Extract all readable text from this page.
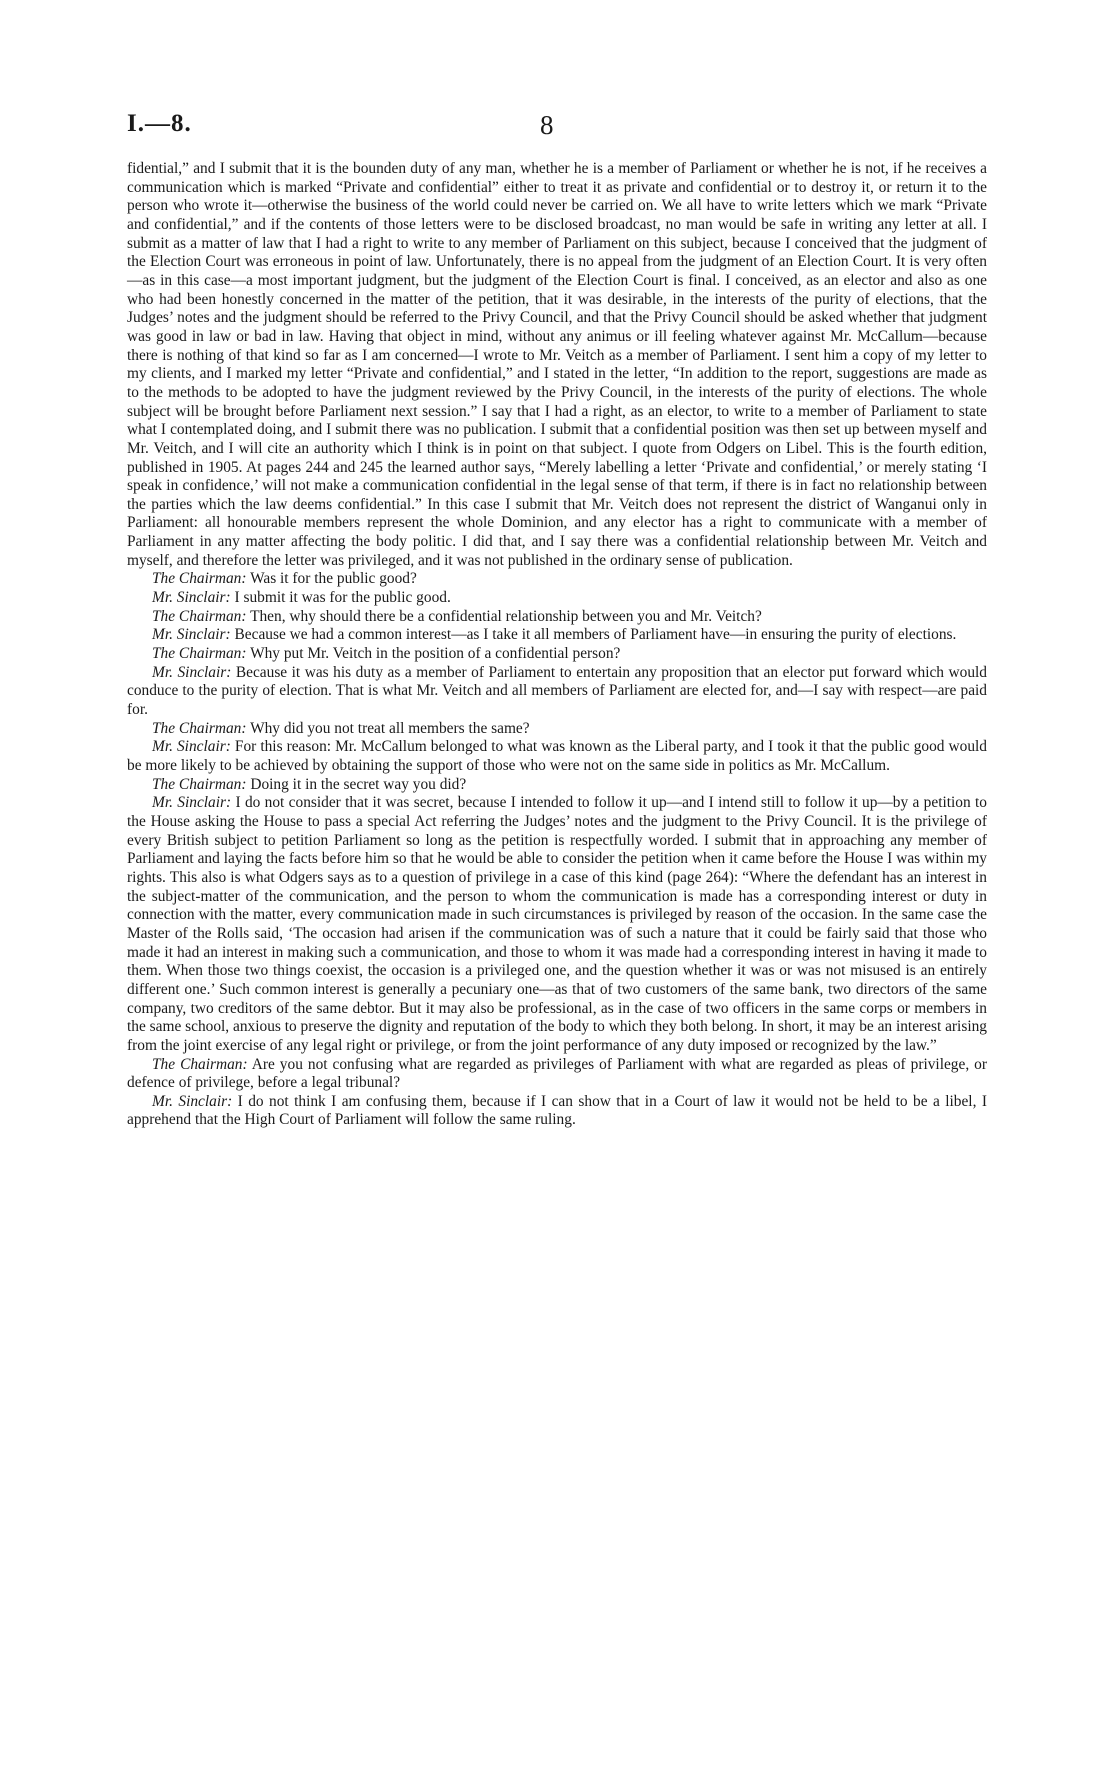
I.—8.	8

fidential,” and I submit that it is the bounden duty of any man, whether he is a member of Parliament or whether he is not, if he receives a communication which is marked “Private and confidential” either to treat it as private and confidential or to destroy it, or return it to the person who wrote it—otherwise the business of the world could never be carried on. We all have to write letters which we mark “Private and confidential,” and if the contents of those letters were to be disclosed broadcast, no man would be safe in writing any letter at all. I submit as a matter of law that I had a right to write to any member of Parliament on this subject, because I conceived that the judgment of the Election Court was erroneous in point of law. Unfortunately, there is no appeal from the judgment of an Election Court. It is very often—as in this case—a most important judgment, but the judgment of the Election Court is final. I conceived, as an elector and also as one who had been honestly concerned in the matter of the petition, that it was desirable, in the interests of the purity of elections, that the Judges’ notes and the judgment should be referred to the Privy Council, and that the Privy Council should be asked whether that judgment was good in law or bad in law. Having that object in mind, without any animus or ill feeling whatever against Mr. McCallum—because there is nothing of that kind so far as I am concerned—I wrote to Mr. Veitch as a member of Parliament. I sent him a copy of my letter to my clients, and I marked my letter “Private and confidential,” and I stated in the letter, “In addition to the report, suggestions are made as to the methods to be adopted to have the judgment reviewed by the Privy Council, in the interests of the purity of elections. The whole subject will be brought before Parliament next session.” I say that I had a right, as an elector, to write to a member of Parliament to state what I contemplated doing, and I submit there was no publication. I submit that a confidential position was then set up between myself and Mr. Veitch, and I will cite an authority which I think is in point on that subject. I quote from Odgers on Libel. This is the fourth edition, published in 1905. At pages 244 and 245 the learned author says, “Merely labelling a letter ‘Private and confidential,’ or merely stating ‘I speak in confidence,’ will not make a communication confidential in the legal sense of that term, if there is in fact no relationship between the parties which the law deems confidential.” In this case I submit that Mr. Veitch does not represent the district of Wanganui only in Parliament: all honourable members represent the whole Dominion, and any elector has a right to communicate with a member of Parliament in any matter affecting the body politic. I did that, and I say there was a confidential relationship between Mr. Veitch and myself, and therefore the letter was privileged, and it was not published in the ordinary sense of publication.

The Chairman: Was it for the public good?

Mr. Sinclair: I submit it was for the public good.

The Chairman: Then, why should there be a confidential relationship between you and Mr. Veitch?

Mr. Sinclair: Because we had a common interest—as I take it all members of Parliament have—in ensuring the purity of elections.

The Chairman: Why put Mr. Veitch in the position of a confidential person?

Mr. Sinclair: Because it was his duty as a member of Parliament to entertain any proposition that an elector put forward which would conduce to the purity of election. That is what Mr. Veitch and all members of Parliament are elected for, and—I say with respect—are paid for.

The Chairman: Why did you not treat all members the same?

Mr. Sinclair: For this reason: Mr. McCallum belonged to what was known as the Liberal party, and I took it that the public good would be more likely to be achieved by obtaining the support of those who were not on the same side in politics as Mr. McCallum.

The Chairman: Doing it in the secret way you did?

Mr. Sinclair: I do not consider that it was secret, because I intended to follow it up—and I intend still to follow it up—by a petition to the House asking the House to pass a special Act referring the Judges’ notes and the judgment to the Privy Council. It is the privilege of every British subject to petition Parliament so long as the petition is respectfully worded. I submit that in approaching any member of Parliament and laying the facts before him so that he would be able to consider the petition when it came before the House I was within my rights. This also is what Odgers says as to a question of privilege in a case of this kind (page 264): “Where the defendant has an interest in the subject-matter of the communication, and the person to whom the communication is made has a corresponding interest or duty in connection with the matter, every communication made in such circumstances is privileged by reason of the occasion. In the same case the Master of the Rolls said, ‘The occasion had arisen if the communication was of such a nature that it could be fairly said that those who made it had an interest in making such a communication, and those to whom it was made had a corresponding interest in having it made to them. When those two things coexist, the occasion is a privileged one, and the question whether it was or was not misused is an entirely different one.’ Such common interest is generally a pecuniary one—as that of two customers of the same bank, two directors of the same company, two creditors of the same debtor. But it may also be professional, as in the case of two officers in the same corps or members in the same school, anxious to preserve the dignity and reputation of the body to which they both belong. In short, it may be an interest arising from the joint exercise of any legal right or privilege, or from the joint performance of any duty imposed or recognized by the law.”

The Chairman: Are you not confusing what are regarded as privileges of Parliament with what are regarded as pleas of privilege, or defence of privilege, before a legal tribunal?

Mr. Sinclair: I do not think I am confusing them, because if I can show that in a Court of law it would not be held to be a libel, I apprehend that the High Court of Parliament will follow the same ruling.
